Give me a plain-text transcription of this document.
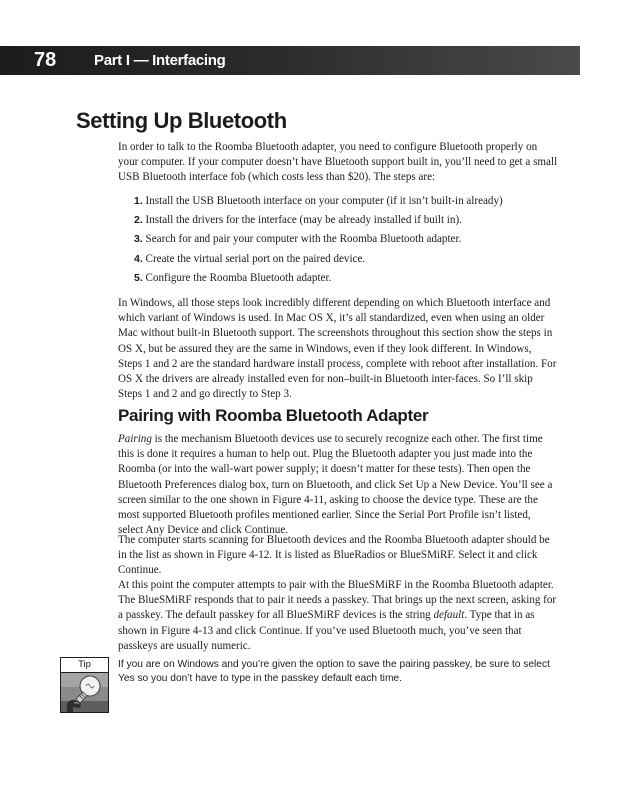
78	Part I — Interfacing
Setting Up Bluetooth

In order to talk to the Roomba Bluetooth adapter, you need to configure Bluetooth properly on your computer. If your computer doesn’t have Bluetooth support built in, you’ll need to get a small USB Bluetooth interface fob (which costs less than $20). The steps are:

1. Install the USB Bluetooth interface on your computer (if it isn’t built-in already)
2. Install the drivers for the interface (may be already installed if built in).
3. Search for and pair your computer with the Roomba Bluetooth adapter.
4. Create the virtual serial port on the paired device.
5. Configure the Roomba Bluetooth adapter.

In Windows, all those steps look incredibly different depending on which Bluetooth interface and which variant of Windows is used. In Mac OS X, it’s all standardized, even when using an older Mac without built-in Bluetooth support. The screenshots throughout this section show the steps in OS X, but be assured they are the same in Windows, even if they look different. In Windows, Steps 1 and 2 are the standard hardware install process, complete with reboot after installation. For OS X the drivers are already installed even for non–built-in Bluetooth inter-faces. So I’ll skip Steps 1 and 2 and go directly to Step 3.

Pairing with Roomba Bluetooth Adapter

Pairing is the mechanism Bluetooth devices use to securely recognize each other. The first time this is done it requires a human to help out. Plug the Bluetooth adapter you just made into the Roomba (or into the wall-wart power supply; it doesn’t matter for these tests). Then open the Bluetooth Preferences dialog box, turn on Bluetooth, and click Set Up a New Device. You’ll see a screen similar to the one shown in Figure 4-11, asking to choose the device type. These are the most supported Bluetooth profiles mentioned earlier. Since the Serial Port Profile isn’t listed, select Any Device and click Continue.

The computer starts scanning for Bluetooth devices and the Roomba Bluetooth adapter should be in the list as shown in Figure 4-12. It is listed as BlueRadios or BlueSMiRF. Select it and click Continue.

At this point the computer attempts to pair with the BlueSMiRF in the Roomba Bluetooth adapter. The BlueSMiRF responds that to pair it needs a passkey. That brings up the next screen, asking for a passkey. The default passkey for all BlueSMiRF devices is the string default. Type that in as shown in Figure 4-13 and click Continue. If you’ve used Bluetooth much, you’ve seen that passkeys are usually numeric.

Tip	If you are on Windows and you’re given the option to save the pairing passkey, be sure to select Yes so you don’t have to type in the passkey default each time.
